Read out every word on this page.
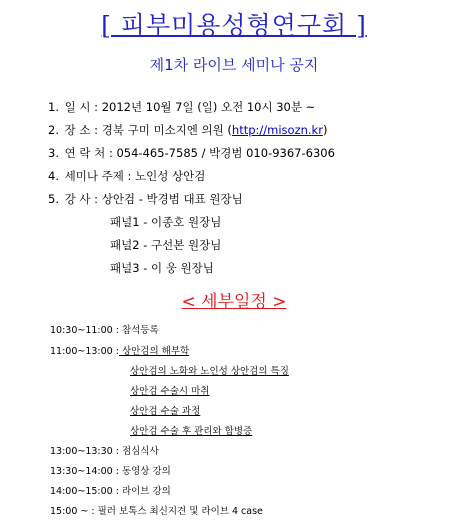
[ 피부미용성형연구회 ]
제1차 라이브 세미나 공지
1. 일 시 : 2012년 10월 7일 (일) 오전 10시 30분 ~
2. 장 소 : 경북 구미 미소지엔 의원 (http://misozn.kr)
3. 연 락 처 : 054-465-7585 / 박경범 010-9367-6306
4. 세미나 주제 : 노인성 상안검
5. 강 사 : 상안검 - 박경범 대표 원장님
패널1 - 이종호 원장님
패널2 - 구선본 원장님
패널3 - 이 웅 원장님
< 세부일정 >
10:30~11:00 : 참석등록
11:00~13:00 : 상안검의 해부학
상안검의 노화와 노인성 상안검의 특징
상안검 수술시 마취
상안검 수술 과정
상안검 수술 후 관리와 합병증
13:00~13:30 : 점심식사
13:30~14:00 : 동영상 강의
14:00~15:00 : 라이브 강의
15:00 ~ : 필러 보톡스 최신지견 및 라이브 4 case
